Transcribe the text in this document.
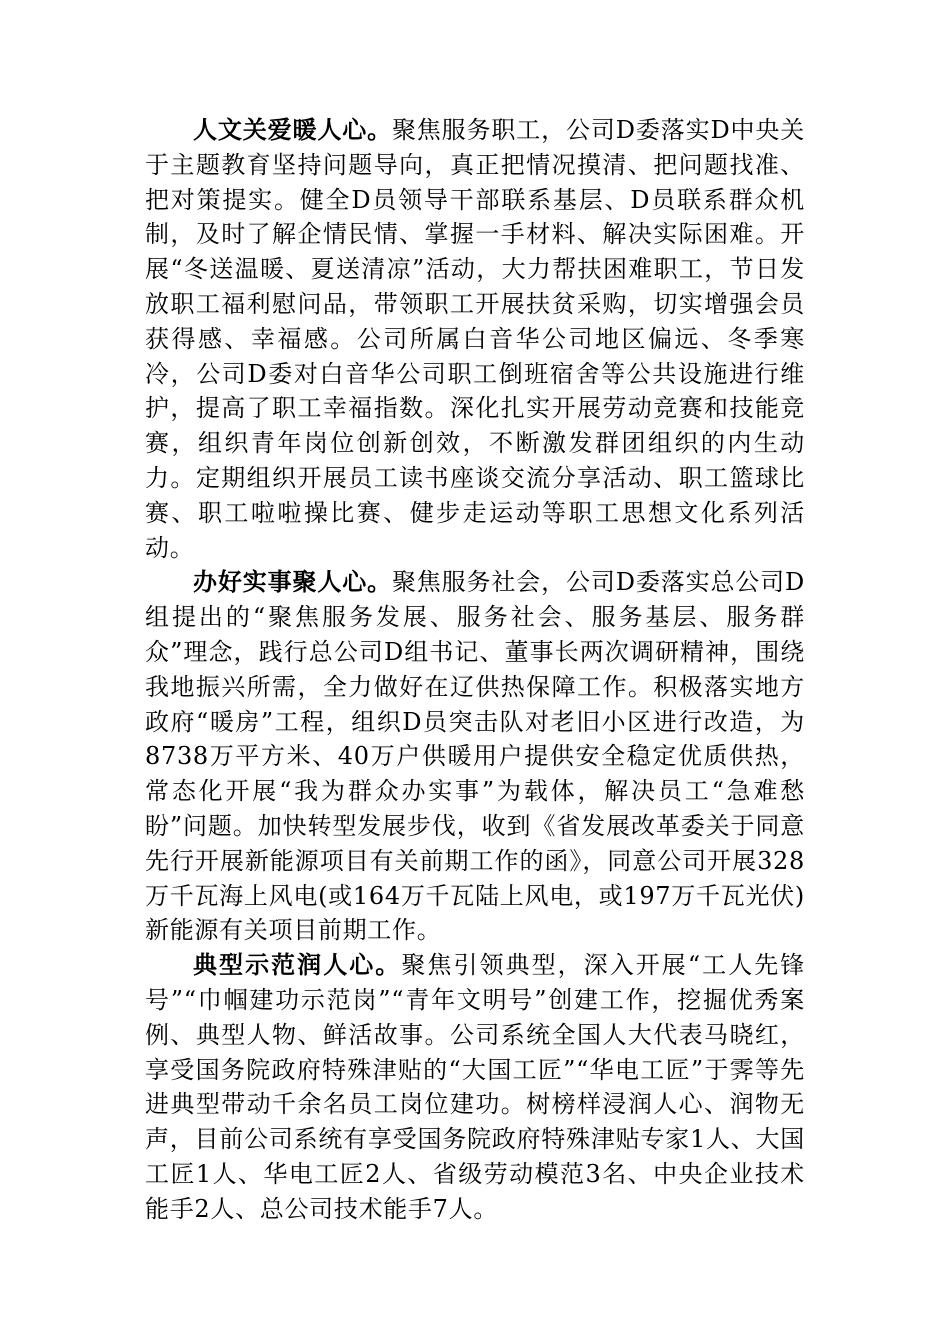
人文关爱暖人心。聚焦服务职工，公司D委落实D中央关于主题教育坚持问题导向，真正把情况摸清、把问题找准、把对策提实。健全D员领导干部联系基层、D员联系群众机制，及时了解企情民情、掌握一手材料、解决实际困难。开展“冬送温暖、夏送清凉”活动，大力帮扶困难职工，节日发放职工福利慰问品，带领职工开展扶贫采购，切实增强会员获得感、幸福感。公司所属白音华公司地区偏远、冬季寒冷，公司D委对白音华公司职工倒班宿舍等公共设施进行维护，提高了职工幸福指数。深化扎实开展劳动竞赛和技能竞赛，组织青年岗位创新创效，不断激发群团组织的内生动力。定期组织开展员工读书座谈交流分享活动、职工篮球比赛、职工啦啦操比赛、健步走运动等职工思想文化系列活动。

办好实事聚人心。聚焦服务社会，公司D委落实总公司D组提出的“聚焦服务发展、服务社会、服务基层、服务群众”理念，践行总公司D组书记、董事长两次调研精神，围绕我地振兴所需，全力做好在辽供热保障工作。积极落实地方政府“暖房”工程，组织D员突击队对老旧小区进行改造，为8738万平方米、40万户供暖用户提供安全稳定优质供热，常态化开展“我为群众办实事”为载体，解决员工“急难愁盼”问题。加快转型发展步伐，收到《省发展改革委关于同意先行开展新能源项目有关前期工作的函》，同意公司开展328万千瓦海上风电(或164万千瓦陆上风电，或197万千瓦光伏)新能源有关项目前期工作。

典型示范润人心。聚焦引领典型，深入开展“工人先锋号”“巾帼建功示范岗”“青年文明号”创建工作，挖掘优秀案例、典型人物、鲜活故事。公司系统全国人大代表马晓红，享受国务院政府特殊津贴的“大国工匠”“华电工匠”于霁等先进典型带动千余名员工岗位建功。树榜样浸润人心、润物无声，目前公司系统有享受国务院政府特殊津贴专家1人、大国工匠1人、华电工匠2人、省级劳动模范3名、中央企业技术能手2人、总公司技术能手7人。
